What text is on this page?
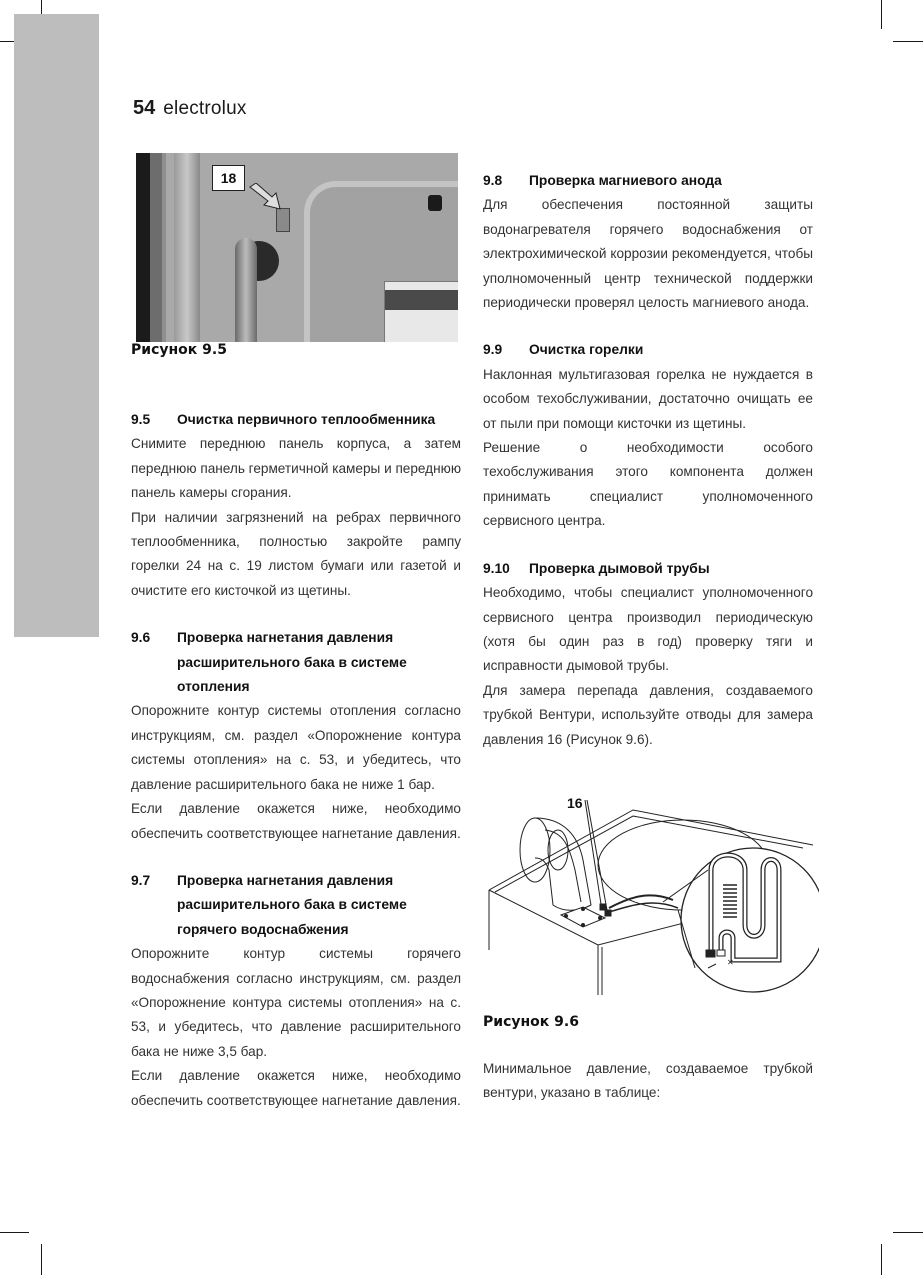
54 electrolux
18
Рисунок 9.5
9.5	Очистка первичного теплообменника

Снимите переднюю панель корпуса, а затем переднюю панель герметичной камеры и переднюю панель камеры сгорания.

При наличии загрязнений на ребрах первичного теплообменника, полностью закройте рампу горелки 24 на с. 19 листом бумаги или газетой и очистите его кисточкой из щетины.

9.6	Проверка нагнетания давления расширительного бака в системе отопления

Опорожните контур системы отопления согласно инструкциям, см. раздел «Опорожнение контура системы отопления» на с. 53, и убедитесь, что давление расширительного бака не ниже 1 бар.

Если давление окажется ниже, необходимо обеспечить соответствующее нагнетание давления.

9.7	Проверка нагнетания давления расширительного бака в системе горячего водоснабжения

Опорожните контур системы горячего водоснабжения согласно инструкциям, см. раздел «Опорожнение контура системы отопления» на с. 53, и убедитесь, что давление расширительного бака не ниже 3,5 бар.

Если давление окажется ниже, необходимо обеспечить соответствующее нагнетание давления.

9.8	Проверка магниевого анода

Для обеспечения постоянной защиты водонагревателя горячего водоснабжения от электрохимической коррозии рекомендуется, чтобы уполномоченный центр технической поддержки периодически проверял целость магниевого анода.

9.9	Очистка горелки

Наклонная мультигазовая горелка не нуждается в особом техобслуживании, достаточно очищать ее от пыли при помощи кисточки из щетины.

Решение о необходимости особого техобслуживания этого компонента должен принимать специалист уполномоченного сервисного центра.

9.10	Проверка дымовой трубы

Необходимо, чтобы специалист уполномоченного сервисного центра производил периодическую (хотя бы один раз в год) проверку тяги и исправности дымовой трубы.

Для замера перепада давления, создаваемого трубкой Вентури, используйте отводы для замера давления 16 (Рисунок 9.6).

✕
16
Рисунок 9.6

Минимальное давление, создаваемое трубкой вентури, указано в таблице:
